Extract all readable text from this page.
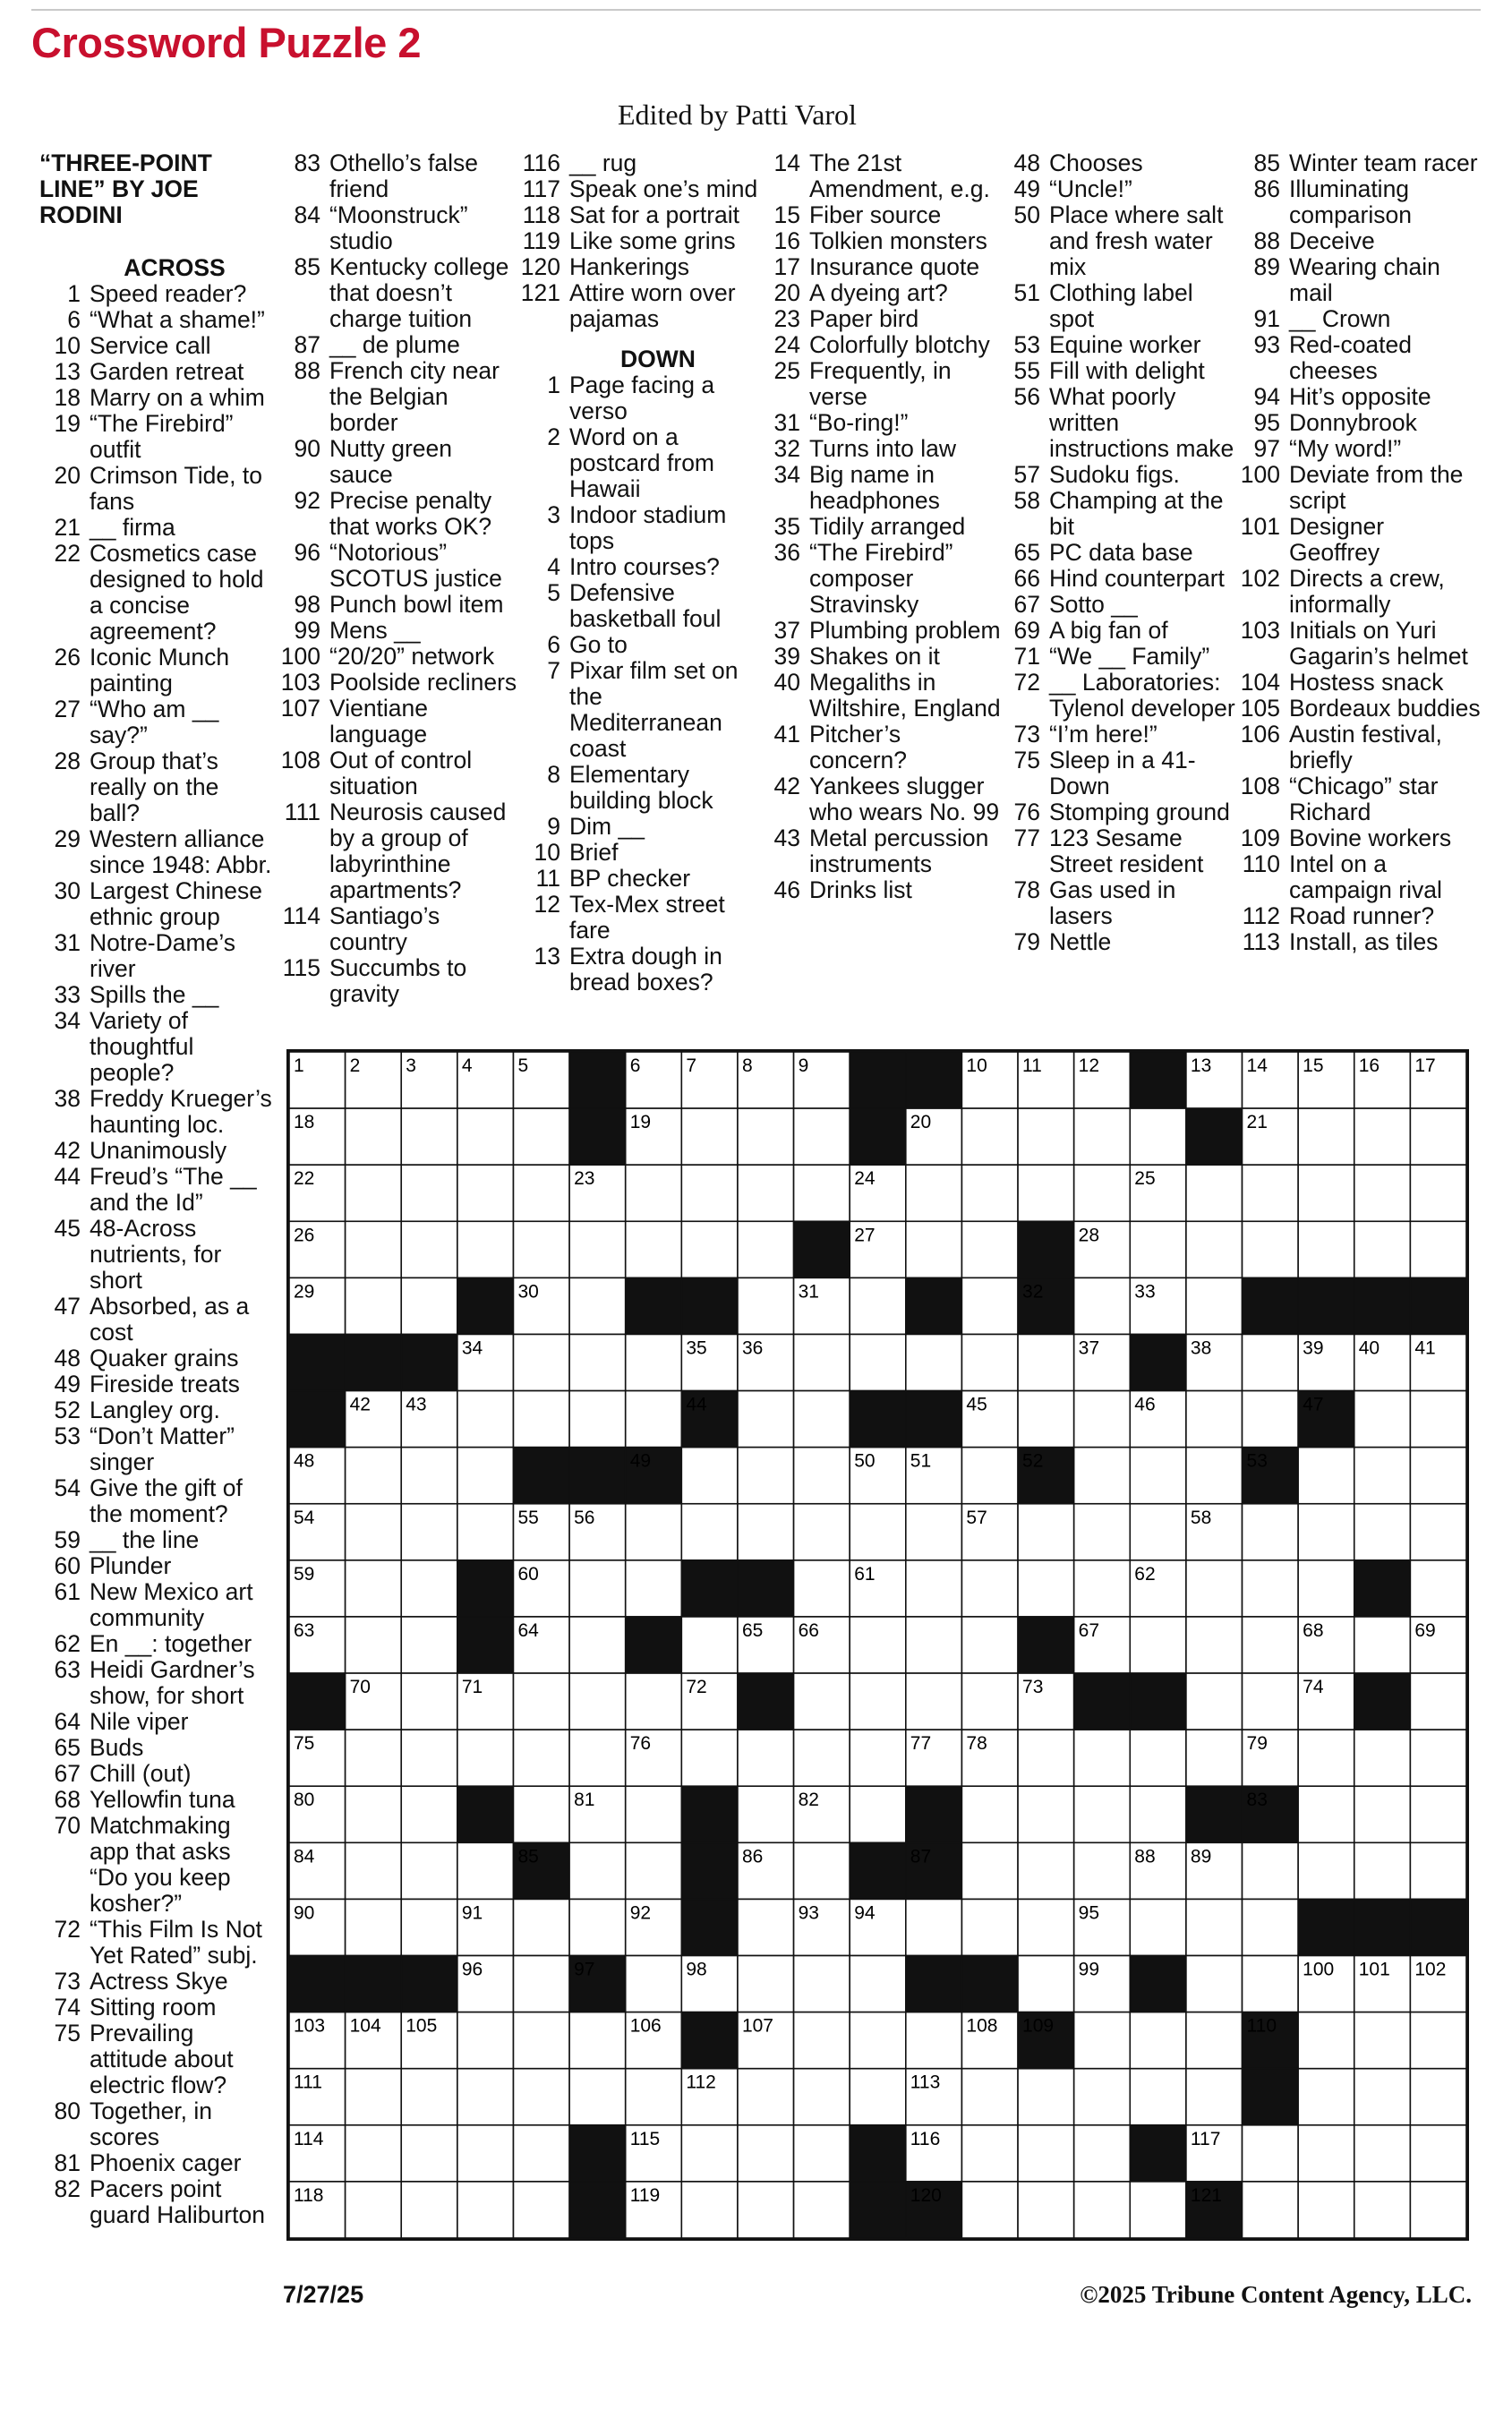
Crossword Puzzle 2
Edited by Patti Varol
“THREE-POINT LINE” BY JOE RODINI
ACROSS
1 Speed reader?
6 “What a shame!”
10 Service call
13 Garden retreat
18 Marry on a whim
19 “The Firebird” outfit
20 Crimson Tide, to fans
21 __ firma
22 Cosmetics case designed to hold a concise agreement?
26 Iconic Munch painting
27 “Who am __ say?”
28 Group that’s really on the ball?
29 Western alliance since 1948: Abbr.
30 Largest Chinese ethnic group
31 Notre-Dame’s river
33 Spills the __
34 Variety of thoughtful people?
38 Freddy Krueger’s haunting loc.
42 Unanimously
44 Freud’s “The __ and the Id”
45 48-Across nutrients, for short
47 Absorbed, as a cost
48 Quaker grains
49 Fireside treats
52 Langley org.
53 “Don’t Matter” singer
54 Give the gift of the moment?
59 __ the line
60 Plunder
61 New Mexico art community
62 En __: together
63 Heidi Gardner’s show, for short
64 Nile viper
65 Buds
67 Chill (out)
68 Yellowfin tuna
70 Matchmaking app that asks “Do you keep kosher?”
72 “This Film Is Not Yet Rated” subj.
73 Actress Skye
74 Sitting room
75 Prevailing attitude about electric flow?
80 Together, in scores
81 Phoenix cager
82 Pacers point guard Haliburton
83 Othello’s false friend
84 “Moonstruck” studio
85 Kentucky college that doesn’t charge tuition
87 __ de plume
88 French city near the Belgian border
90 Nutty green sauce
92 Precise penalty that works OK?
96 “Notorious” SCOTUS justice
98 Punch bowl item
99 Mens __
100 “20/20” network
103 Poolside recliners
107 Vientiane language
108 Out of control situation
111 Neurosis caused by a group of labyrinthine apartments?
114 Santiago’s country
115 Succumbs to gravity
116 __ rug
117 Speak one’s mind
118 Sat for a portrait
119 Like some grins
120 Hankerings
121 Attire worn over pajamas
DOWN
1 Page facing a verso
2 Word on a postcard from Hawaii
3 Indoor stadium tops
4 Intro courses?
5 Defensive basketball foul
6 Go to
7 Pixar film set on the Mediterranean coast
8 Elementary building block
9 Dim __
10 Brief
11 BP checker
12 Tex-Mex street fare
13 Extra dough in bread boxes?
14 The 21st Amendment, e.g.
15 Fiber source
16 Tolkien monsters
17 Insurance quote
20 A dyeing art?
23 Paper bird
24 Colorfully blotchy
25 Frequently, in verse
31 “Bo-ring!”
32 Turns into law
34 Big name in headphones
35 Tidily arranged
36 “The Firebird” composer Stravinsky
37 Plumbing problem
39 Shakes on it
40 Megaliths in Wiltshire, England
41 Pitcher’s concern?
42 Yankees slugger who wears No. 99
43 Metal percussion instruments
46 Drinks list
48 Chooses
49 “Uncle!”
50 Place where salt and fresh water mix
51 Clothing label spot
53 Equine worker
55 Fill with delight
56 What poorly written instructions make
57 Sudoku figs.
58 Champing at the bit
65 PC data base
66 Hind counterpart
67 Sotto __
69 A big fan of
71 “We __ Family”
72 __ Laboratories: Tylenol developer
73 “I’m here!”
75 Sleep in a 41-Down
76 Stomping ground
77 123 Sesame Street resident
78 Gas used in lasers
79 Nettle
85 Winter team racer
86 Illuminating comparison
88 Deceive
89 Wearing chain mail
91 __ Crown
93 Red-coated cheeses
94 Hit’s opposite
95 Donnybrook
97 “My word!”
100 Deviate from the script
101 Designer Geoffrey
102 Directs a crew, informally
103 Initials on Yuri Gagarin’s helmet
104 Hostess snack
105 Bordeaux buddies
106 Austin festival, briefly
108 “Chicago” star Richard
109 Bovine workers
110 Intel on a campaign rival
112 Road runner?
113 Install, as tiles
1 2 3 4 5	6 7 8 9	10 11 12	13 14 15 16 17
18	19	20	21
22	23	24	25
26	27	28
29	30	31	32	33
34	35 36	37	38	39 40 41
42 43	44	45	46	47
48	49	50 51	52	53
54	55 56	57	58
59	60	61	62
63	64	65 66	67	68	69
70	71	72	73	74
75	76	77 78	79
80	81	82	83
84	85	86	87	88 89
90	91	92	93 94	95
96	97	98	99	100 101 102
103 104 105	106	107	108 109	110
111	112	113
114	115	116	117
118	119	120	121
7/27/25	©2025 Tribune Content Agency, LLC.
